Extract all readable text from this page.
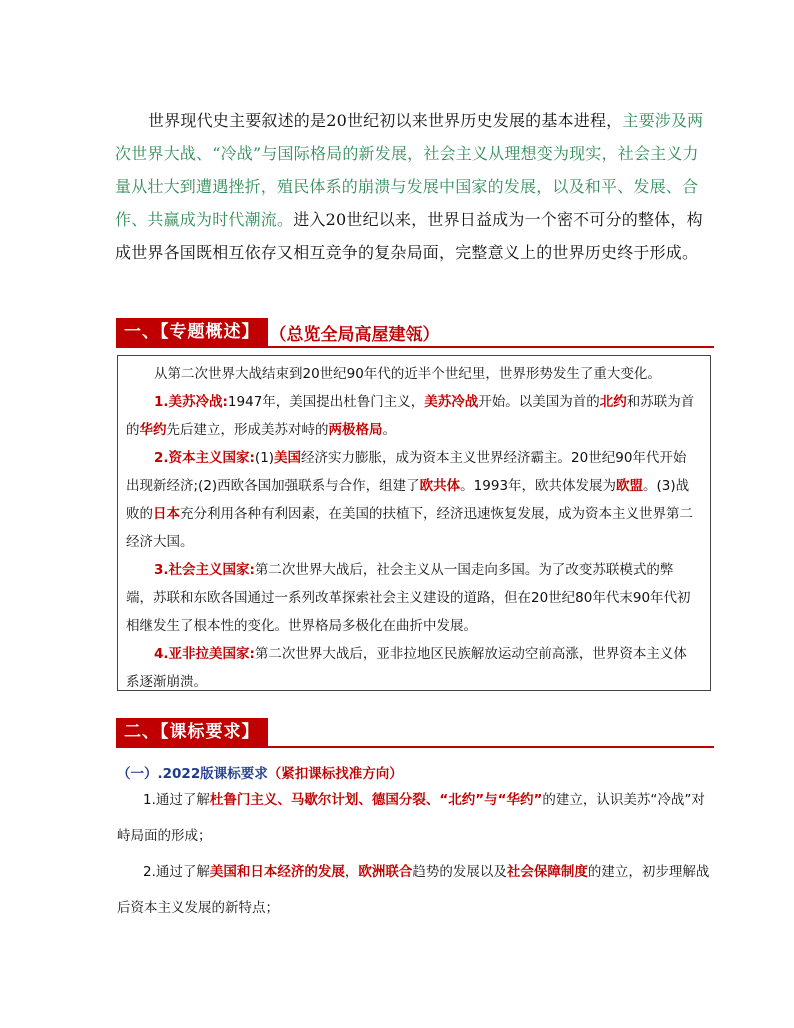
世界现代史主要叙述的是20世纪初以来世界历史发展的基本进程，主要涉及两次世界大战、“冷战”与国际格局的新发展，社会主义从理想变为现实，社会主义力量从壮大到遭遇挫折，殖民体系的崩溃与发展中国家的发展，以及和平、发展、合作、共赢成为时代潮流。进入20世纪以来，世界日益成为一个密不可分的整体，构成世界各国既相互依存又相互竞争的复杂局面，完整意义上的世界历史终于形成。

一、【专题概述】 （总览全局高屋建瓴）

从第二次世界大战结束到20世纪90年代的近半个世纪里，世界形势发生了重大变化。

1.美苏冷战:1947年，美国提出杜鲁门主义，美苏冷战开始。以美国为首的北约和苏联为首的华约先后建立，形成美苏对峙的两极格局。

2.资本主义国家:(1)美国经济实力膨胀，成为资本主义世界经济霸主。20世纪90年代开始出现新经济;(2)西欧各国加强联系与合作，组建了欧共体。1993年，欧共体发展为欧盟。(3)战败的日本充分利用各种有利因素，在美国的扶植下，经济迅速恢复发展，成为资本主义世界第二经济大国。

3.社会主义国家:第二次世界大战后，社会主义从一国走向多国。为了改变苏联模式的弊端，苏联和东欧各国通过一系列改革探索社会主义建设的道路，但在20世纪80年代末90年代初相继发生了根本性的变化。世界格局多极化在曲折中发展。

4.亚非拉美国家:第二次世界大战后，亚非拉地区民族解放运动空前高涨，世界资本主义体系逐渐崩溃。

二、【课标要求】
（一）.2022版课标要求（紧扣课标找准方向）

1.通过了解杜鲁门主义、马歇尔计划、德国分裂、“北约”与“华约”的建立，认识美苏“冷战”对峙局面的形成；

2.通过了解美国和日本经济的发展，欧洲联合趋势的发展以及社会保障制度的建立，初步理解战后资本主义发展的新特点；
